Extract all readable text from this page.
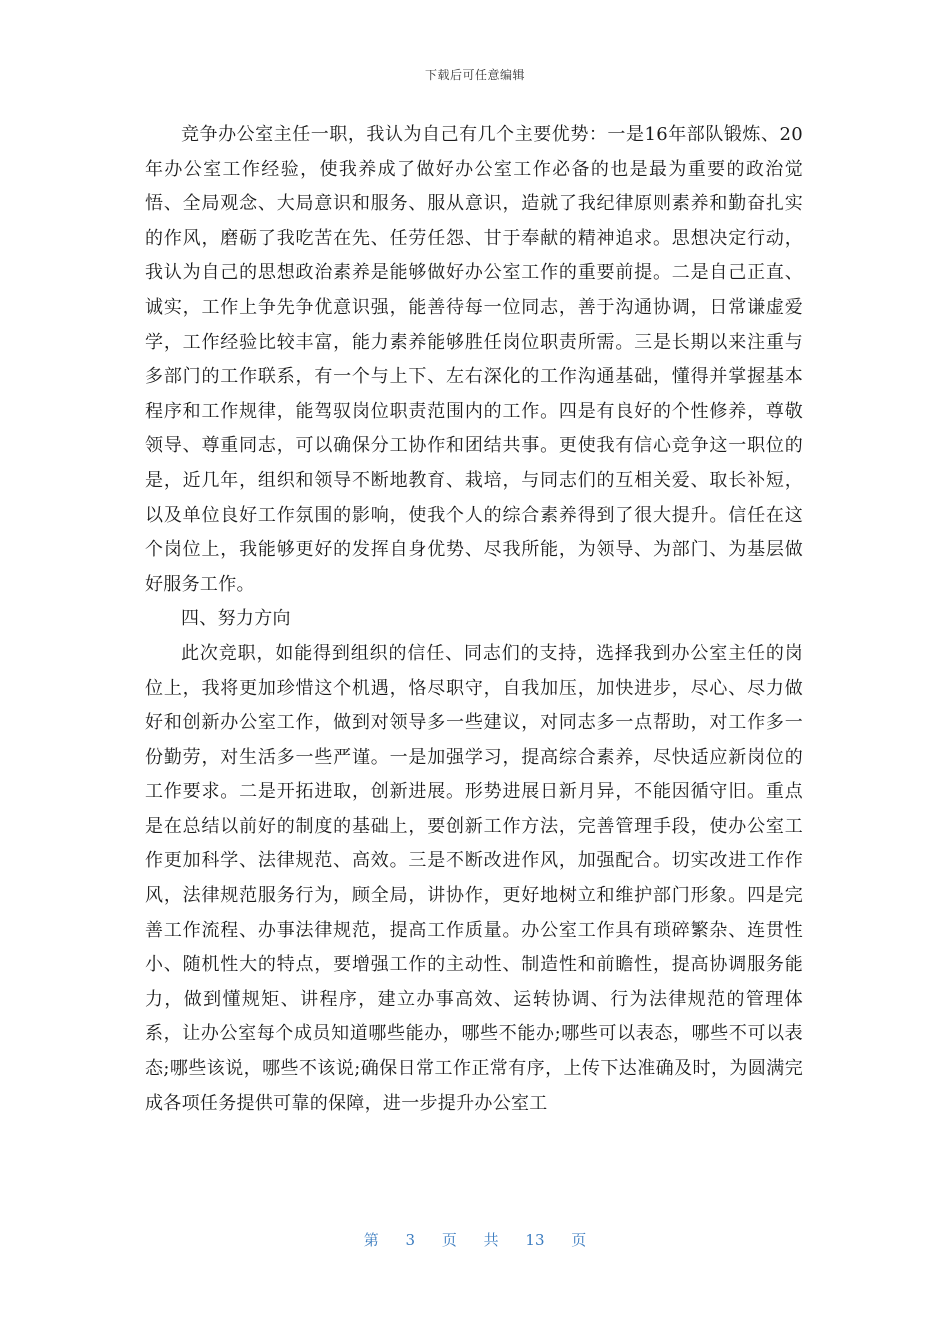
下载后可任意编辑

竞争办公室主任一职，我认为自己有几个主要优势：一是16年部队锻炼、20年办公室工作经验，使我养成了做好办公室工作必备的也是最为重要的政治觉悟、全局观念、大局意识和服务、服从意识，造就了我纪律原则素养和勤奋扎实的作风，磨砺了我吃苦在先、任劳任怨、甘于奉献的精神追求。思想决定行动，我认为自己的思想政治素养是能够做好办公室工作的重要前提。二是自己正直、诚实，工作上争先争优意识强，能善待每一位同志，善于沟通协调，日常谦虚爱学，工作经验比较丰富，能力素养能够胜任岗位职责所需。三是长期以来注重与多部门的工作联系，有一个与上下、左右深化的工作沟通基础，懂得并掌握基本程序和工作规律，能驾驭岗位职责范围内的工作。四是有良好的个性修养，尊敬领导、尊重同志，可以确保分工协作和团结共事。更使我有信心竞争这一职位的是，近几年，组织和领导不断地教育、栽培，与同志们的互相关爱、取长补短，以及单位良好工作氛围的影响，使我个人的综合素养得到了很大提升。信任在这个岗位上，我能够更好的发挥自身优势、尽我所能，为领导、为部门、为基层做好服务工作。

四、努力方向

此次竞职，如能得到组织的信任、同志们的支持，选择我到办公室主任的岗位上，我将更加珍惜这个机遇，恪尽职守，自我加压，加快进步，尽心、尽力做好和创新办公室工作，做到对领导多一些建议，对同志多一点帮助，对工作多一份勤劳，对生活多一些严谨。一是加强学习，提高综合素养，尽快适应新岗位的工作要求。二是开拓进取，创新进展。形势进展日新月异，不能因循守旧。重点是在总结以前好的制度的基础上，要创新工作方法，完善管理手段，使办公室工作更加科学、法律规范、高效。三是不断改进作风，加强配合。切实改进工作作风，法律规范服务行为，顾全局，讲协作，更好地树立和维护部门形象。四是完善工作流程、办事法律规范，提高工作质量。办公室工作具有琐碎繁杂、连贯性小、随机性大的特点，要增强工作的主动性、制造性和前瞻性，提高协调服务能力，做到懂规矩、讲程序，建立办事高效、运转协调、行为法律规范的管理体系，让办公室每个成员知道哪些能办，哪些不能办;哪些可以表态，哪些不可以表态;哪些该说，哪些不该说;确保日常工作正常有序，上传下达准确及时，为圆满完成各项任务提供可靠的保障，进一步提升办公室工

第 3 页 共 13 页
